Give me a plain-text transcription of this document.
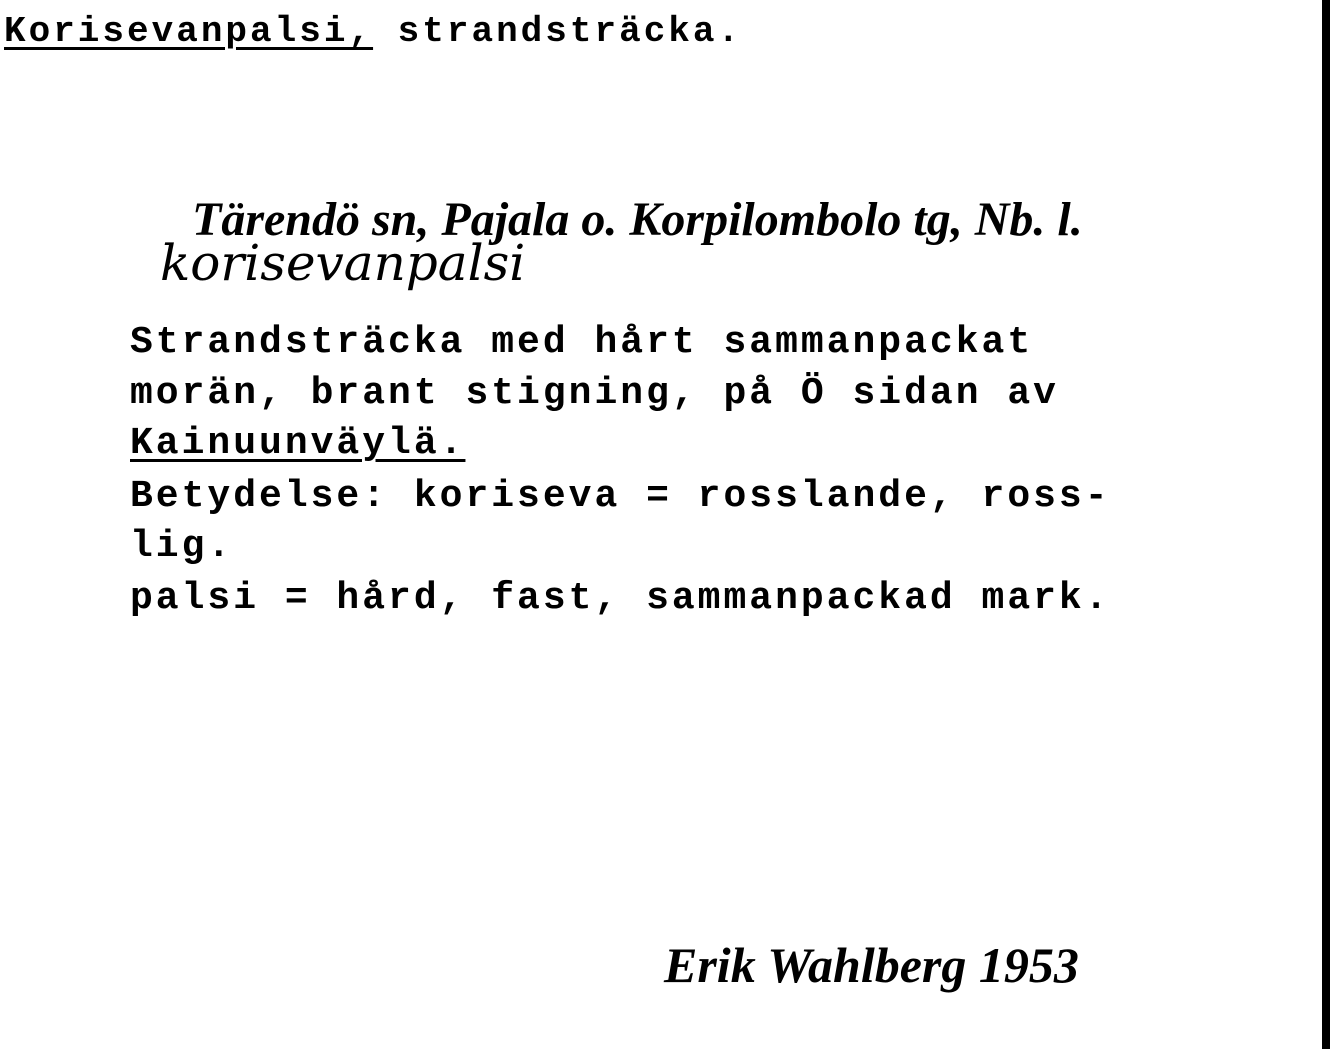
Korisevanpalsi, strandsträcka.
Tärendö sn, Pajala o. Korpilombolo tg, Nb. l.
korisevanpalsi
Strandsträcka med hårt sammanpackat
morän, brant stigning, på Ö sidan av
Kainuunväylä.
Betydelse: koriseva = rosslande, ross-
lig.
palsi = hård, fast, sammanpackad mark.
Erik Wahlberg 1953
